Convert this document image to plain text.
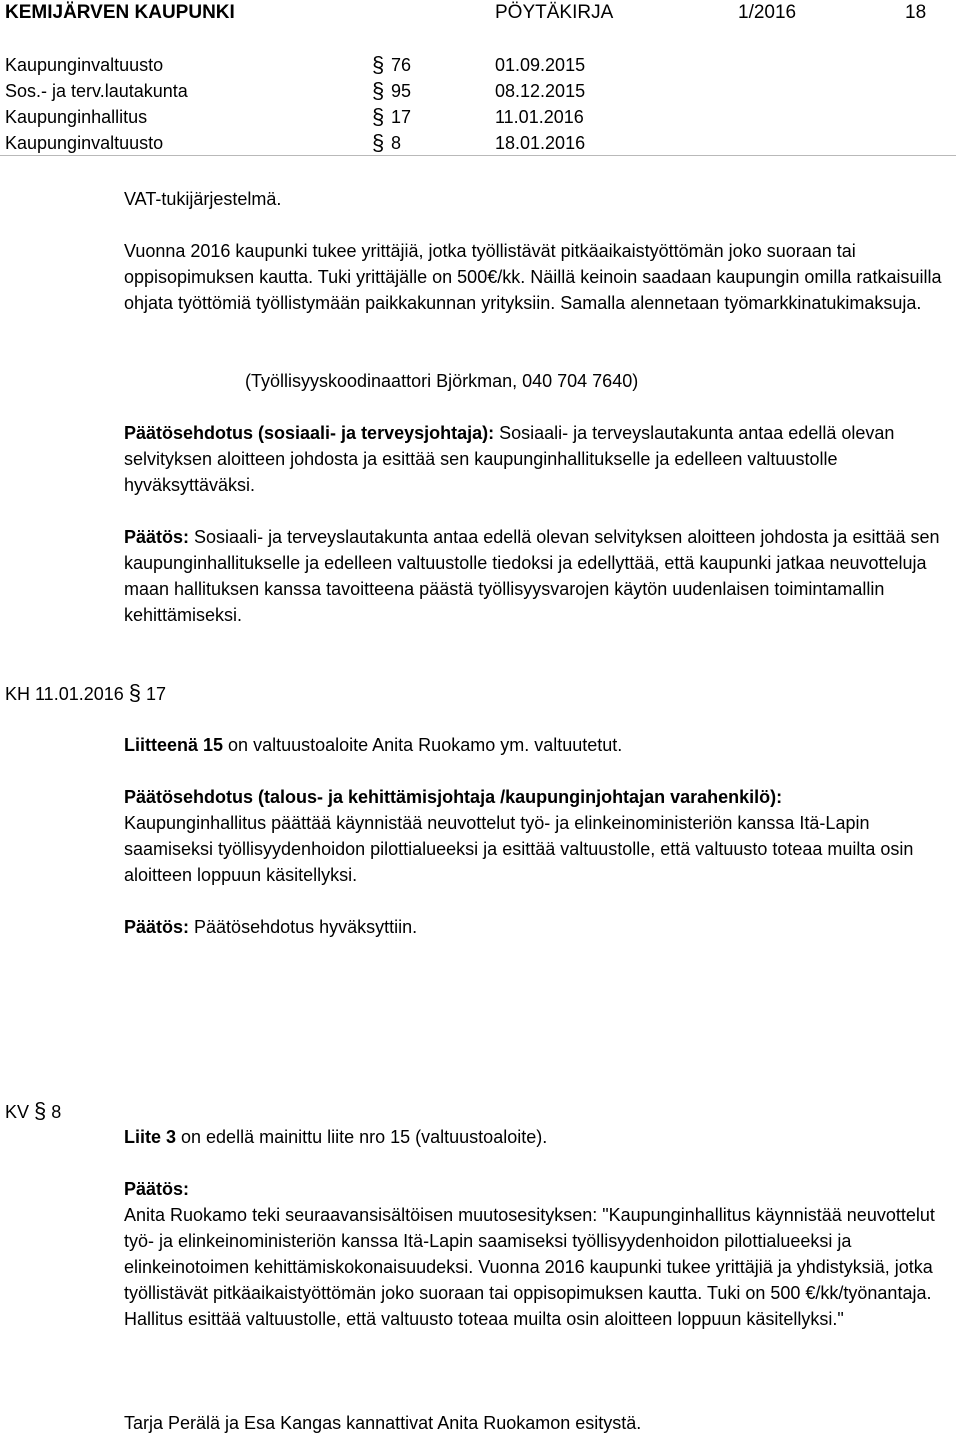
KEMIJÄRVEN KAUPUNKI	PÖYTÄKIRJA	1/2016	18
Kaupunginvaltuusto	§ 76	01.09.2015
Sos.- ja terv.lautakunta	§ 95	08.12.2015
Kaupunginhallitus	§ 17	11.01.2016
Kaupunginvaltuusto	§ 8	18.01.2016
VAT-tukijärjestelmä.

Vuonna 2016 kaupunki tukee yrittäjiä, jotka työllistävät pitkäaikaistyöttömän joko suoraan tai oppisopimuksen kautta. Tuki yrittäjälle on 500€/kk. Näillä keinoin saadaan kaupungin omilla ratkaisuilla ohjata työttömiä työllistymään paikkakunnan yrityksiin. Samalla alennetaan työmarkkinatukimaksuja.

(Työllisyyskoodinaattori Björkman, 040 704 7640)

Päätösehdotus (sosiaali- ja terveysjohtaja): Sosiaali- ja terveyslautakunta antaa edellä olevan selvityksen aloitteen johdosta ja esittää sen kaupunginhallitukselle ja edelleen valtuustolle hyväksyttäväksi.

Päätös: Sosiaali- ja terveyslautakunta antaa edellä olevan selvityksen aloitteen johdosta ja esittää sen kaupunginhallitukselle ja edelleen valtuustolle tiedoksi ja edellyttää, että kaupunki jatkaa neuvotteluja maan hallituksen kanssa tavoitteena päästä työllisyysvarojen käytön uudenlaisen toimintamallin kehittämiseksi.

KH 11.01.2016 § 17

Liitteenä 15 on valtuustoaloite Anita Ruokamo ym. valtuutetut.

Päätösehdotus (talous- ja kehittämisjohtaja /kaupunginjohtajan varahenkilö):

Kaupunginhallitus päättää käynnistää neuvottelut työ- ja elinkeinoministeriön kanssa Itä-Lapin saamiseksi työllisyydenhoidon pilottialueeksi ja esittää valtuustolle, että valtuusto toteaa muilta osin aloitteen loppuun käsitellyksi.

Päätös: Päätösehdotus hyväksyttiin.

KV § 8

Liite 3 on edellä mainittu liite nro 15 (valtuustoaloite).

Päätös:

Anita Ruokamo teki seuraavansisältöisen muutosesityksen: "Kaupunginhallitus käynnistää neuvottelut työ- ja elinkeinoministeriön kanssa Itä-Lapin saamiseksi työllisyydenhoidon pilottialueeksi ja elinkeinotoimen kehittämiskokonaisuudeksi. Vuonna 2016 kaupunki tukee yrittäjiä ja yhdistyksiä, jotka työllistävät pitkäaikaistyöttömän joko suoraan tai oppisopimuksen kautta. Tuki on 500 €/kk/työnantaja.

Hallitus esittää valtuustolle, että valtuusto toteaa muilta osin aloitteen loppuun käsitellyksi."

Tarja Perälä ja Esa Kangas kannattivat Anita Ruokamon esitystä.
